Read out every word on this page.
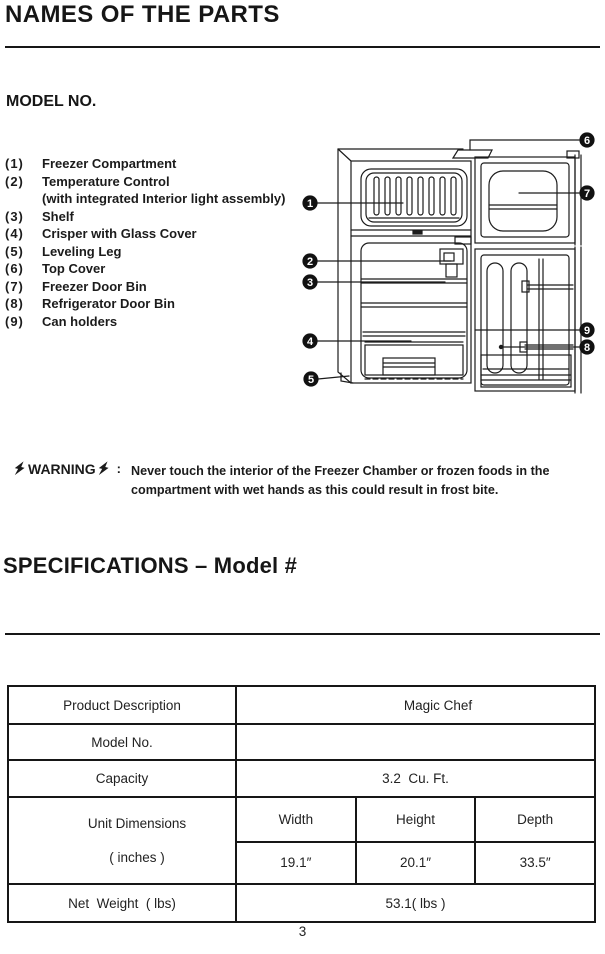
NAMES OF THE PARTS
MODEL NO.
(1)	Freezer Compartment
(2)	Temperature Control
(with integrated Interior light assembly)
(3)	Shelf
(4)	Crisper with Glass Cover
(5)	Leveling Leg
(6)	Top Cover
(7)	Freezer Door Bin
(8)	Refrigerator Door Bin
(9)	Can holders
1
2
3
4
5
6
7
9
8
WARNING : Never touch the interior of the Freezer Chamber or frozen foods in the
compartment with wet hands as this could result in frost bite.
SPECIFICATIONS – Model #
Product Description	Magic Chef		
Model No.			
Capacity	3.2  Cu. Ft.		

Unit Dimensions

( inches )	Width	Height	Depth
	19.1″	20.1″	33.5″
Net  Weight  ( lbs)	53.1( lbs )		
3
